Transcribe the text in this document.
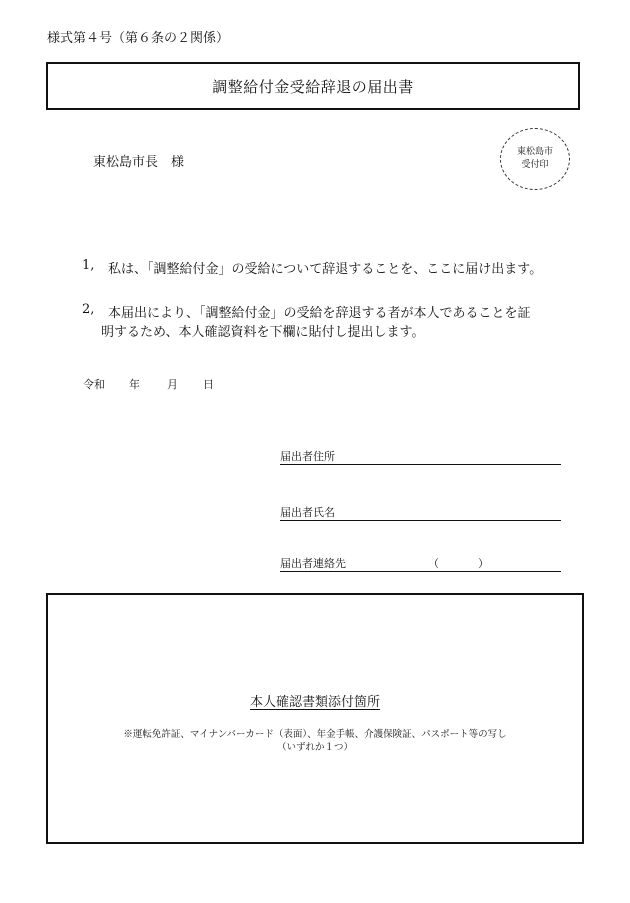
様式第４号（第６条の２関係）
調整給付金受給辞退の届出書
東松島市長　様
東松島市
受付印
1, 私は、「調整給付金」の受給について辞退することを、ここに届け出ます。
2, 本届出により、「調整給付金」の受給を辞退する者が本人であることを証
明するため、本人確認資料を下欄に貼付し提出します。
令和 年 月 日
届出者住所
届出者氏名
届出者連絡先	（	）
本人確認書類添付箇所
※運転免許証、マイナンバーカード（表面）、年金手帳、介護保険証、パスポート等の写し
（いずれか１つ）
